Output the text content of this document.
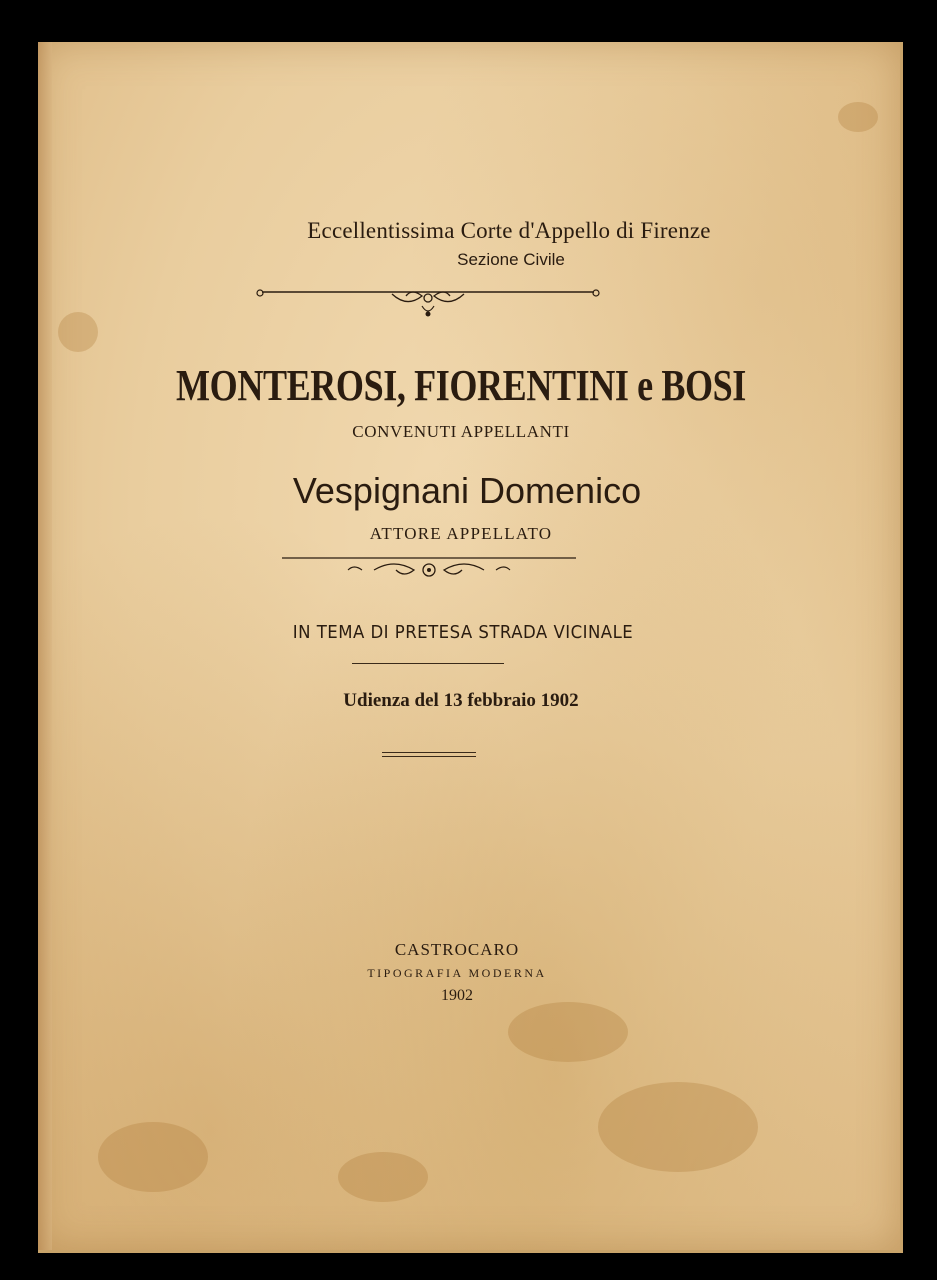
Eccellentissima Corte d'Appello di Firenze

Sezione Civile

MONTEROSI, FIORENTINI e BOSI

CONVENUTI APPELLANTI

Vespignani Domenico

ATTORE APPELLATO

IN TEMA DI PRETESA STRADA VICINALE

Udienza del 13 febbraio 1902

CASTROCARO

TIPOGRAFIA MODERNA

1902
